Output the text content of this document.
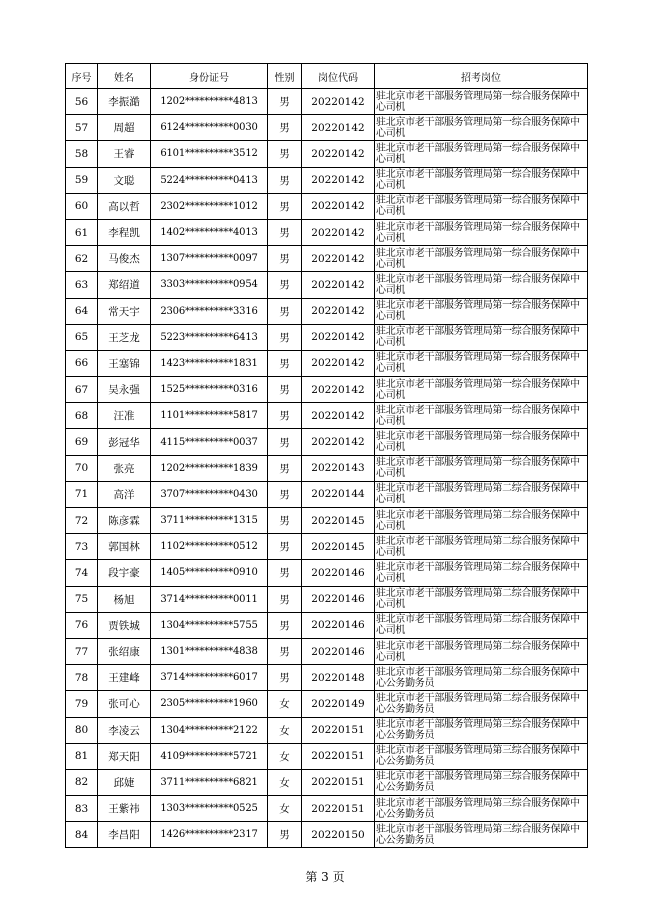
序号	姓名	身份证号	性别	岗位代码	招考岗位
56	李振澔	1202**********4813	男	20220142	驻北京市老干部服务管理局第一综合服务保障中心司机
57	周超	6124**********0030	男	20220142	驻北京市老干部服务管理局第一综合服务保障中心司机
58	王睿	6101**********3512	男	20220142	驻北京市老干部服务管理局第一综合服务保障中心司机
59	文聪	5224**********0413	男	20220142	驻北京市老干部服务管理局第一综合服务保障中心司机
60	高以哲	2302**********1012	男	20220142	驻北京市老干部服务管理局第一综合服务保障中心司机
61	李程凯	1402**********4013	男	20220142	驻北京市老干部服务管理局第一综合服务保障中心司机
62	马俊杰	1307**********0097	男	20220142	驻北京市老干部服务管理局第一综合服务保障中心司机
63	郑绍道	3303**********0954	男	20220142	驻北京市老干部服务管理局第一综合服务保障中心司机
64	常天宇	2306**********3316	男	20220142	驻北京市老干部服务管理局第一综合服务保障中心司机
65	王芝龙	5223**********6413	男	20220142	驻北京市老干部服务管理局第一综合服务保障中心司机
66	王塞锦	1423**********1831	男	20220142	驻北京市老干部服务管理局第一综合服务保障中心司机
67	吴永强	1525**********0316	男	20220142	驻北京市老干部服务管理局第一综合服务保障中心司机
68	汪准	1101**********5817	男	20220142	驻北京市老干部服务管理局第一综合服务保障中心司机
69	彭冠华	4115**********0037	男	20220142	驻北京市老干部服务管理局第一综合服务保障中心司机
70	张亮	1202**********1839	男	20220143	驻北京市老干部服务管理局第一综合服务保障中心司机
71	高洋	3707**********0430	男	20220144	驻北京市老干部服务管理局第二综合服务保障中心司机
72	陈彦霖	3711**********1315	男	20220145	驻北京市老干部服务管理局第二综合服务保障中心司机
73	郭国林	1102**********0512	男	20220145	驻北京市老干部服务管理局第二综合服务保障中心司机
74	段宇豪	1405**********0910	男	20220146	驻北京市老干部服务管理局第二综合服务保障中心司机
75	杨旭	3714**********0011	男	20220146	驻北京市老干部服务管理局第二综合服务保障中心司机
76	贾铁城	1304**********5755	男	20220146	驻北京市老干部服务管理局第二综合服务保障中心司机
77	张绍康	1301**********4838	男	20220146	驻北京市老干部服务管理局第二综合服务保障中心司机
78	王建峰	3714**********6017	男	20220148	驻北京市老干部服务管理局第二综合服务保障中心公务勤务员
79	张可心	2305**********1960	女	20220149	驻北京市老干部服务管理局第二综合服务保障中心公务勤务员
80	李凌云	1304**********2122	女	20220151	驻北京市老干部服务管理局第三综合服务保障中心公务勤务员
81	郑天阳	4109**********5721	女	20220151	驻北京市老干部服务管理局第三综合服务保障中心公务勤务员
82	邱婕	3711**********6821	女	20220151	驻北京市老干部服务管理局第三综合服务保障中心公务勤务员
83	王紫祎	1303**********0525	女	20220151	驻北京市老干部服务管理局第三综合服务保障中心公务勤务员
84	李昌阳	1426**********2317	男	20220150	驻北京市老干部服务管理局第三综合服务保障中心公务勤务员
第 3 页
